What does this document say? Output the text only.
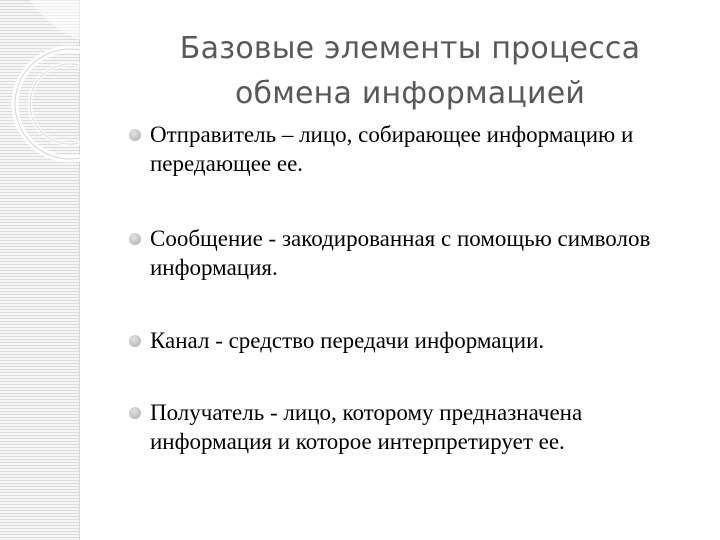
Базовые элементы процесса обмена информацией
Отправитель – лицо, собирающее информацию и передающее ее.
Сообщение - закодированная с помощью символов информация.
Канал - средство передачи информации.
Получатель - лицо, которому предназначена информация и которое интерпретирует ее.
